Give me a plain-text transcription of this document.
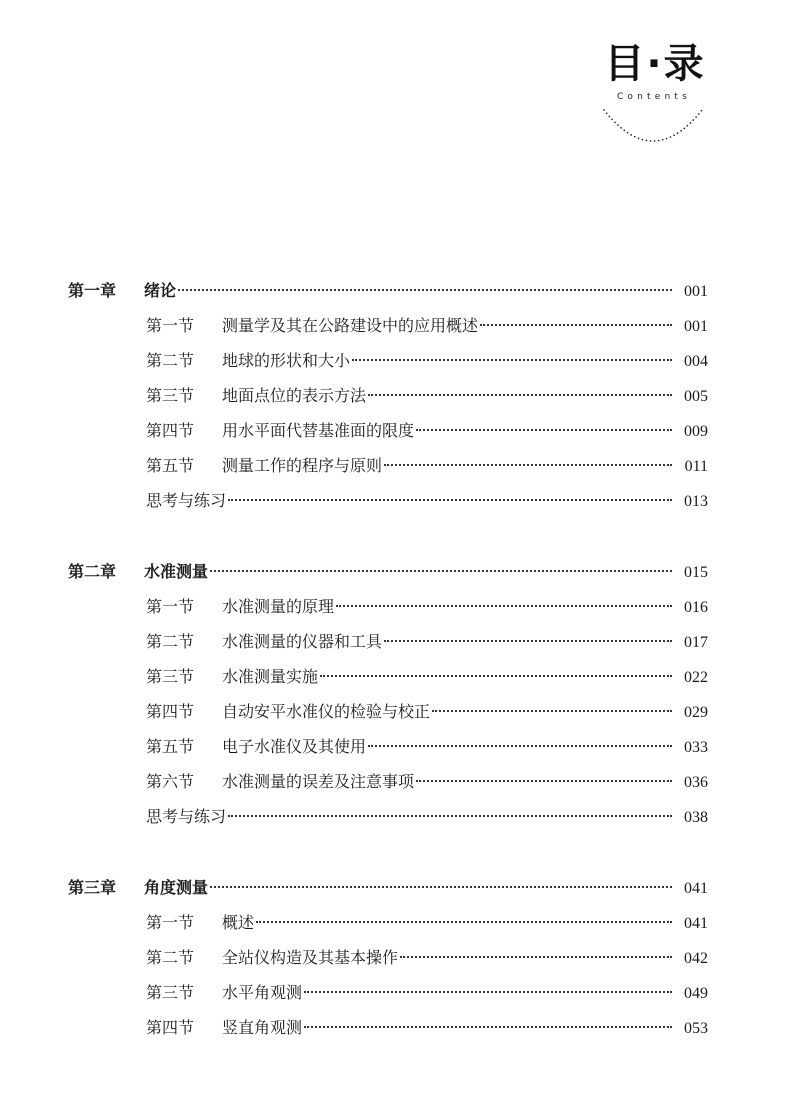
目·录
Contents
第一章	绪论	001
第一节	测量学及其在公路建设中的应用概述	001
第二节	地球的形状和大小	004
第三节	地面点位的表示方法	005
第四节	用水平面代替基准面的限度	009
第五节	测量工作的程序与原则	011
思考与练习	013
第二章	水准测量	015
第一节	水准测量的原理	016
第二节	水准测量的仪器和工具	017
第三节	水准测量实施	022
第四节	自动安平水准仪的检验与校正	029
第五节	电子水准仪及其使用	033
第六节	水准测量的误差及注意事项	036
思考与练习	038
第三章	角度测量	041
第一节	概述	041
第二节	全站仪构造及其基本操作	042
第三节	水平角观测	049
第四节	竖直角观测	053
